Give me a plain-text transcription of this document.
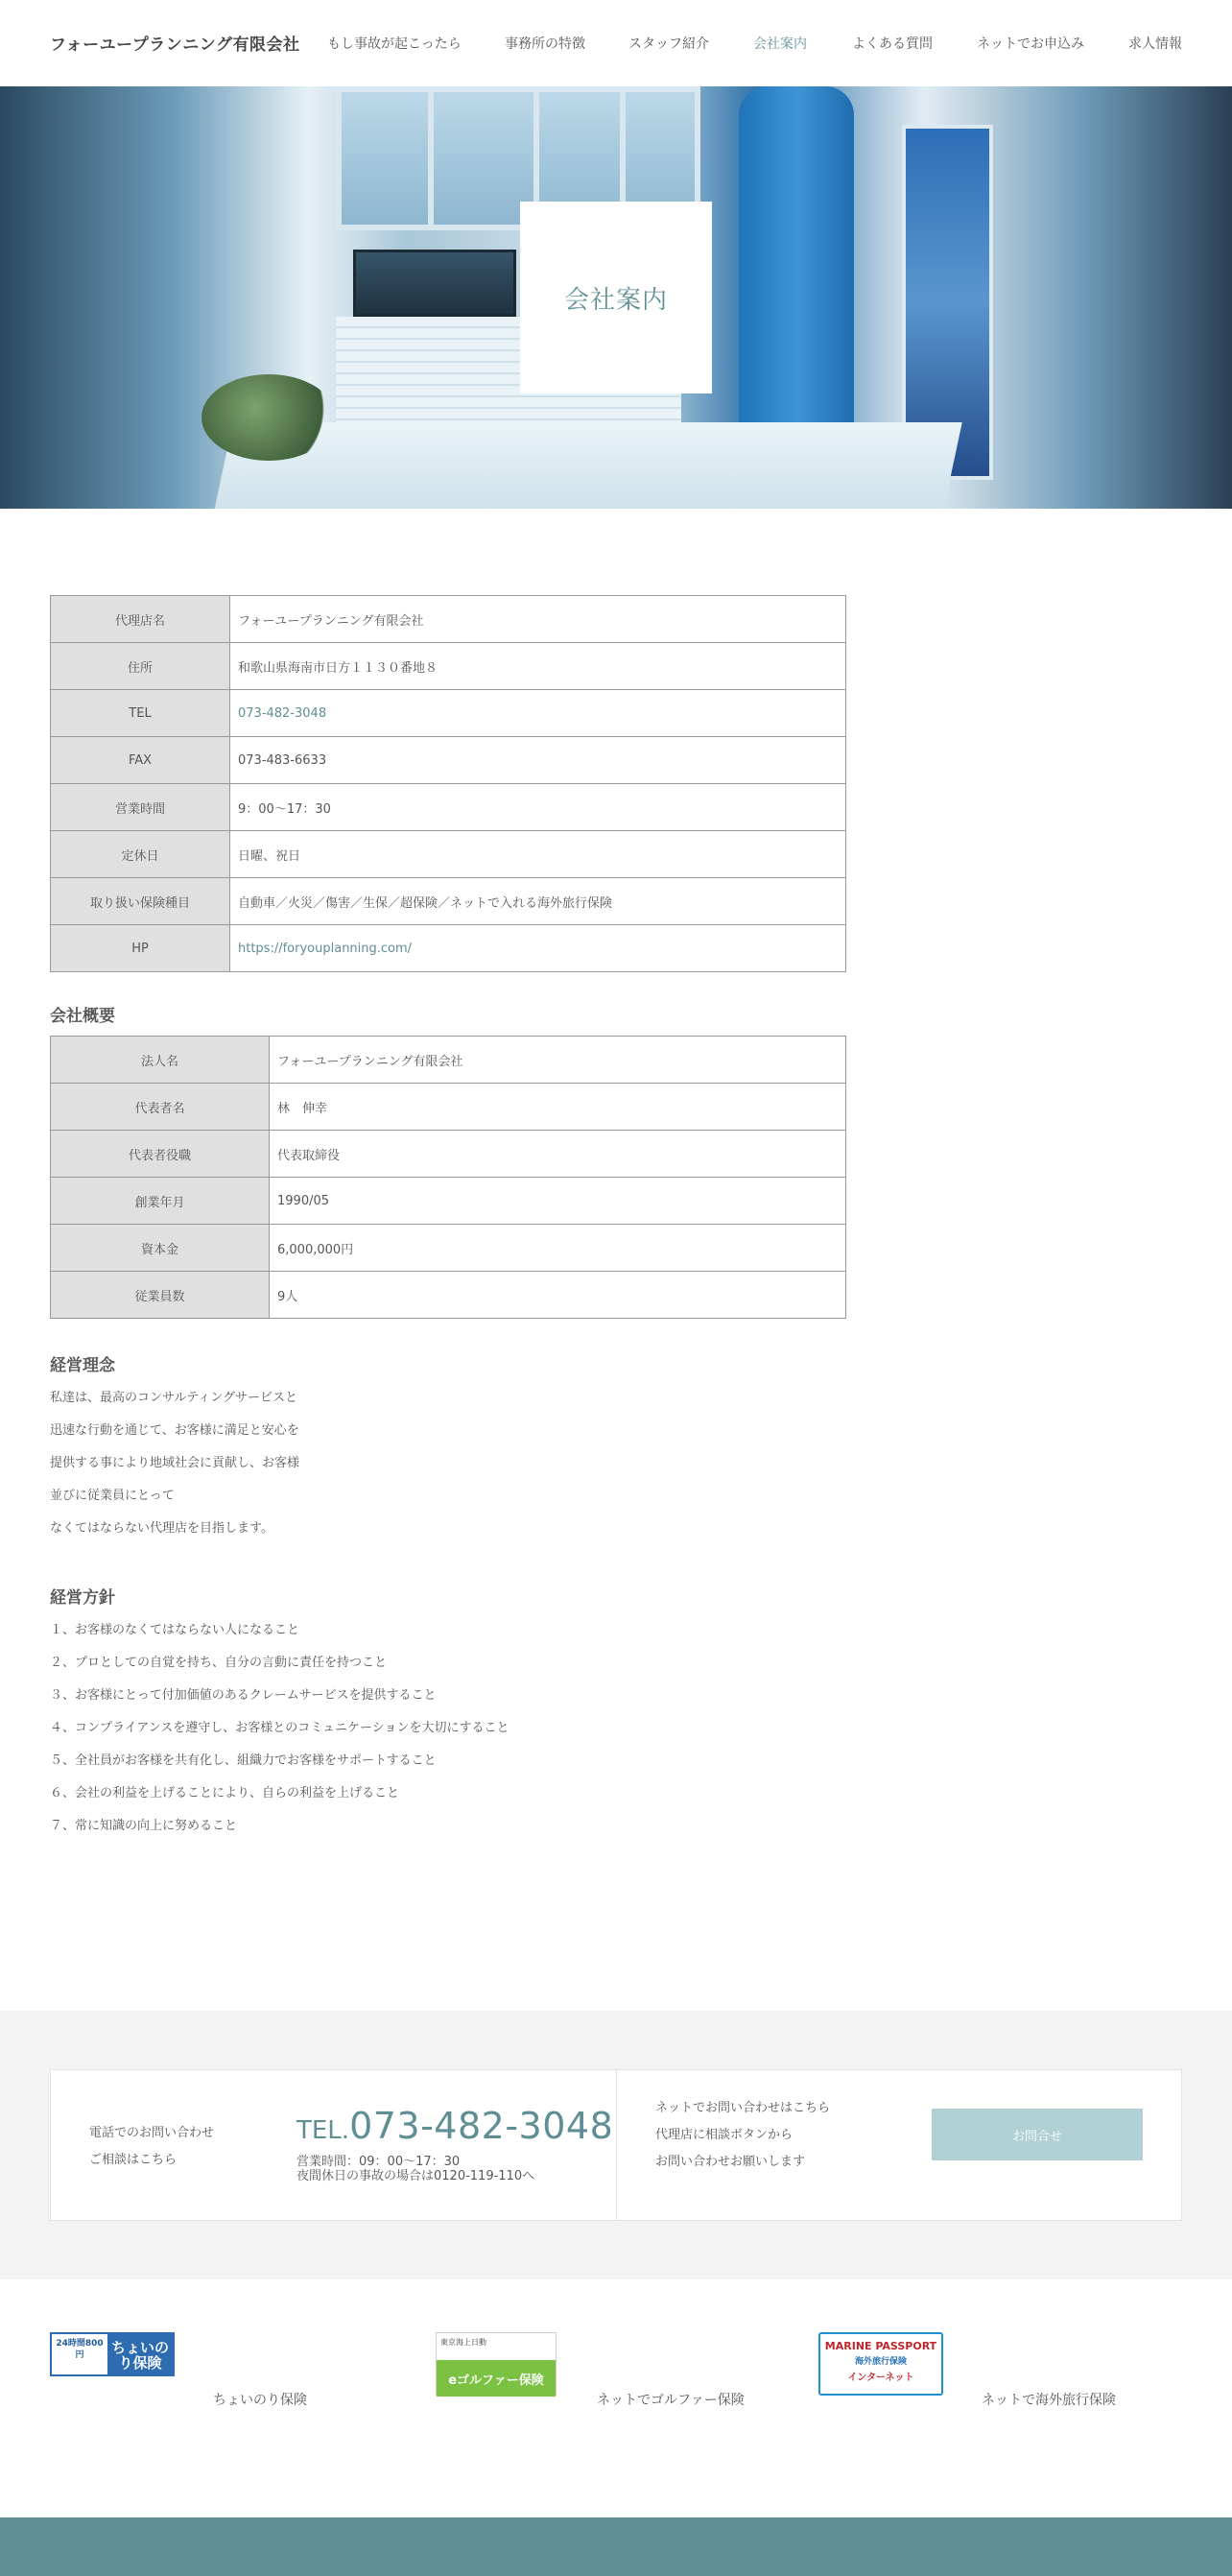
フォーユープランニング有限会社 もし事故が起こったら	事務所の特徴	スタッフ紹介	会社案内	よくある質問	ネットでお申込み	求人情報
会社案内
代理店名	フォーユープランニング有限会社
住所	和歌山県海南市日方１１３０番地８
TEL	073-482-3048
FAX	073-483-6633
営業時間	9：00～17：30
定休日	日曜、祝日
取り扱い保険種目	自動車／火災／傷害／生保／超保険／ネットで入れる海外旅行保険
HP	https://foryouplanning.com/
会社概要
法人名	フォーユープランニング有限会社
代表者名	林　伸幸
代表者役職	代表取締役
創業年月	1990/05
資本金	6,000,000円
従業員数	9人
経営理念
私達は、最高のコンサルティングサービスと
迅速な行動を通じて、お客様に満足と安心を
提供する事により地域社会に貢献し、お客様
並びに従業員にとって
なくてはならない代理店を目指します。
経営方針
１、お客様のなくてはならない人になること
２、プロとしての自覚を持ち、自分の言動に責任を持つこと
３、お客様にとって付加価値のあるクレームサービスを提供すること
４、コンプライアンスを遵守し、お客様とのコミュニケーションを大切にすること
５、全社員がお客様を共有化し、組織力でお客様をサポートすること
６、会社の利益を上げることにより、自らの利益を上げること
７、常に知識の向上に努めること
電話でのお問い合わせ
ご相談はこちら
TEL.073-482-3048
営業時間：09：00～17：30
夜間休日の事故の場合は0120-119-110へ
ネットでお問い合わせはこちら
代理店に相談ボタンから
お問い合わせお願いします
お問合せ
24時間800円	ちょいのり保険
ちょいのり保険
東京海上日動
eゴルファー保険
ネットでゴルファー保険
MARINE PASSPORT
海外旅行保険
インターネット
ネットで海外旅行保険
